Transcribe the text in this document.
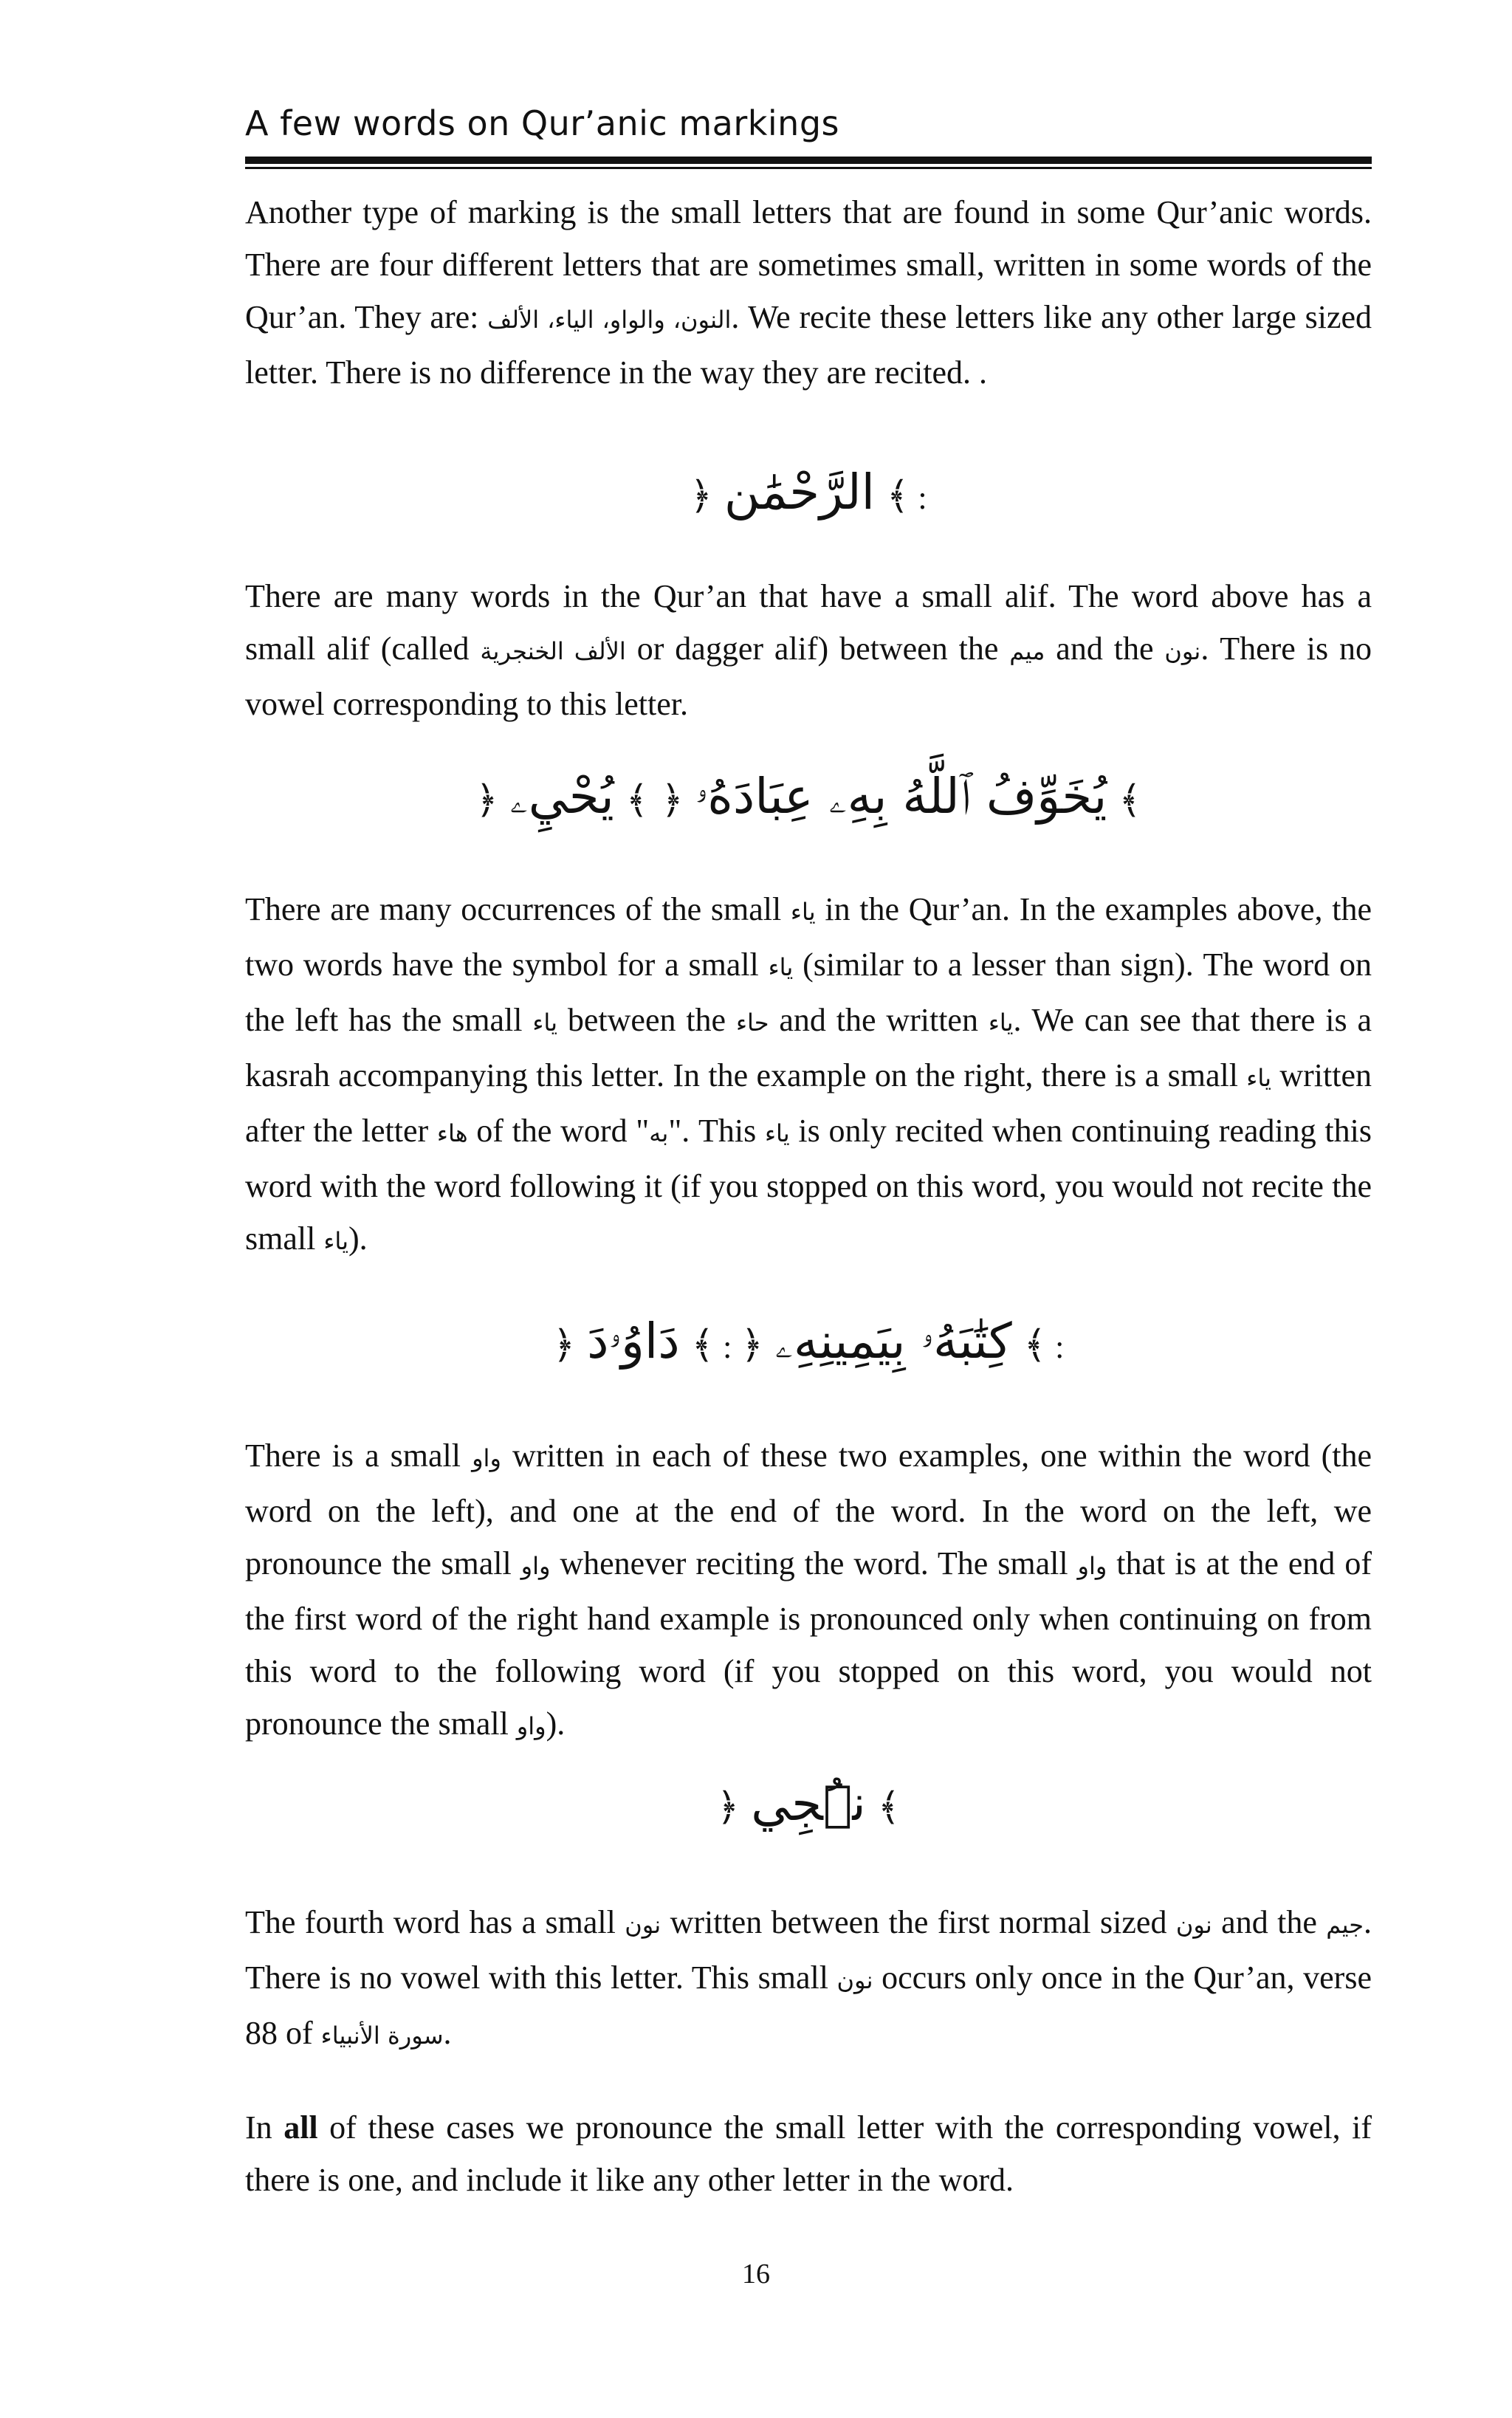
A few words on Qur’anic markings

Another type of marking is the small letters that are found in some Qur’anic words. There are four different letters that are sometimes small, written in some words of the Qur’an. They are: النون، والواو، الياء، الألف. We recite these letters like any other large sized letter. There is no difference in the way they are recited. .

﴿ الرَّحْمَٰن ﴾ :

There are many words in the Qur’an that have a small alif. The word above has a small alif (called الألف الخنجرية or dagger alif) between the ميم and the نون. There is no vowel corresponding to this letter.

﴿ يُحْيِۦ ﴾ ﴿ يُخَوِّفُ ٱللَّهُ بِهِۦ عِبَادَهُۥ ﴾

There are many occurrences of the small ياء in the Qur’an. In the examples above, the two words have the symbol for a small ياء (similar to a lesser than sign). The word on the left has the small ياء between the حاء and the written ياء. We can see that there is a kasrah accompanying this letter. In the example on the right, there is a small ياء written after the letter هاء of the word "به". This ياء is only recited when continuing reading this word with the word following it (if you stopped on this word, you would not recite the small ياء).

﴿ دَاوُۥدَ ﴾ : ﴿ كِتَٰبَهُۥ بِيَمِينِهِۦ ﴾ :

There is a small واو written in each of these two examples, one within the word (the word on the left), and one at the end of the word. In the word on the left, we pronounce the small واو whenever reciting the word. The small واو that is at the end of the first word of the right hand example is pronounced only when continuing on from this word to the following word (if you stopped on this word, you would not pronounce the small واو).

﴿ نُۨجِي ﴾

The fourth word has a small نون written between the first normal sized نون and the جيم. There is no vowel with this letter. This small نون occurs only once in the Qur’an, verse 88 of سورة الأنبياء.

In all of these cases we pronounce the small letter with the corresponding vowel, if there is one, and include it like any other letter in the word.

16
